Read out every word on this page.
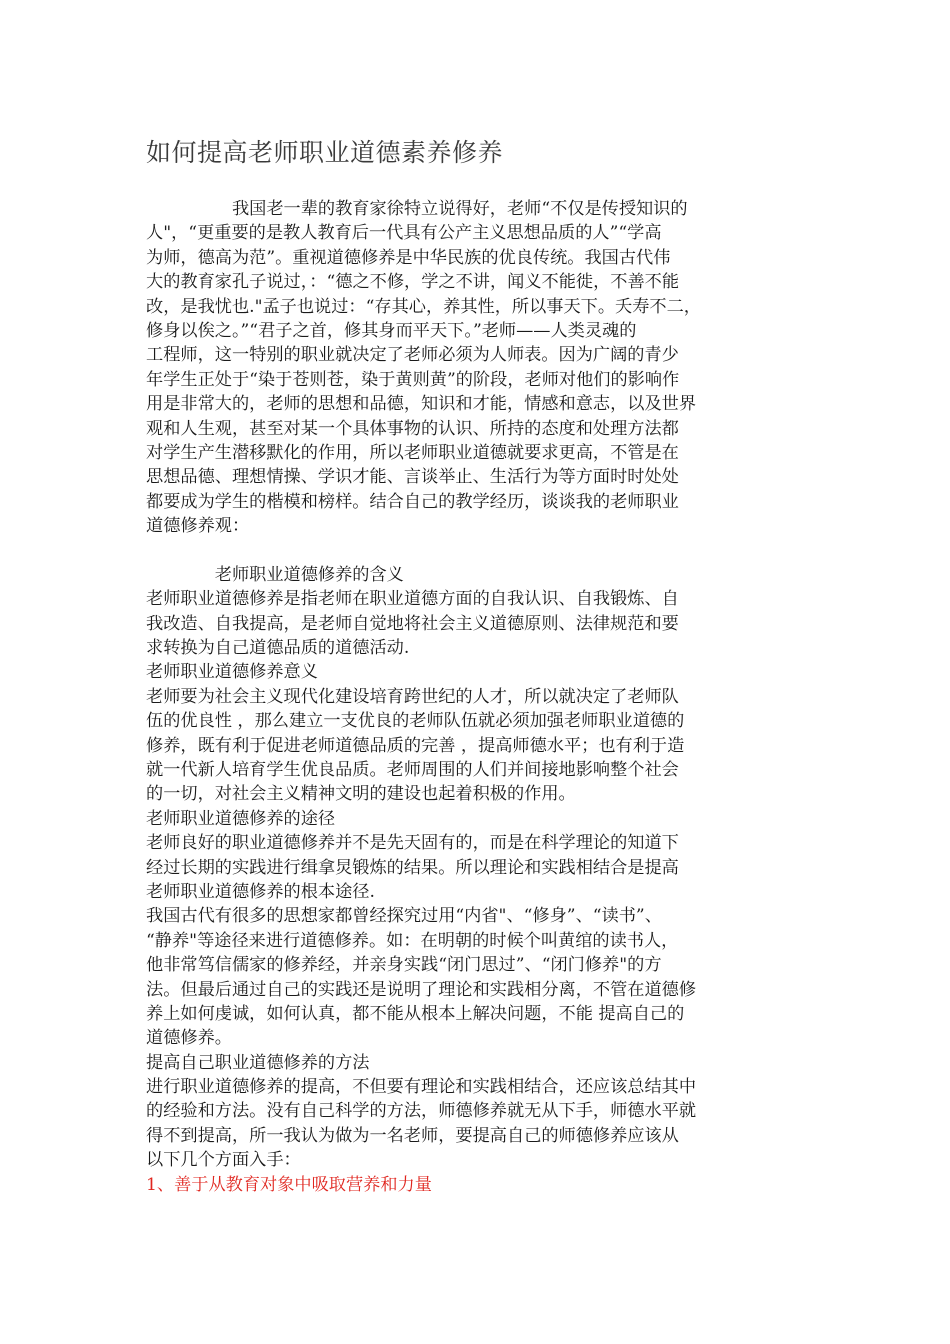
如何提高老师职业道德素养修养
　　　　　我国老一辈的教育家徐特立说得好，老师“不仅是传授知识的
人"，“更重要的是教人教育后一代具有公产主义思想品质的人”“学高
为师，德高为范”。重视道德修养是中华民族的优良传统。我国古代伟
大的教育家孔子说过，：“德之不修，学之不讲，闻义不能徙，不善不能
改，是我忧也."孟子也说过：“存其心，养其性，所以事天下。夭寿不二，
修身以俟之。”“君子之首，修其身而平天下。”老师——人类灵魂的
工程师，这一特别的职业就决定了老师必须为人师表。因为广阔的青少
年学生正处于“染于苍则苍，染于黄则黄”的阶段，老师对他们的影响作
用是非常大的，老师的思想和品德，知识和才能，情感和意志，以及世界
观和人生观，甚至对某一个具体事物的认识、所持的态度和处理方法都
对学生产生潜移默化的作用，所以老师职业道德就要求更高，不管是在
思想品德、理想情操、学识才能、言谈举止、生活行为等方面时时处处
都要成为学生的楷模和榜样。结合自己的教学经历，谈谈我的老师职业
道德修养观：
　　　　老师职业道德修养的含义
老师职业道德修养是指老师在职业道德方面的自我认识、自我锻炼、自
我改造、自我提高，是老师自觉地将社会主义道德原则、法律规范和要
求转换为自己道德品质的道德活动.
老师职业道德修养意义
老师要为社会主义现代化建设培育跨世纪的人才，所以就决定了老师队
伍的优良性 ，那么建立一支优良的老师队伍就必须加强老师职业道德的
修养，既有利于促进老师道德品质的完善 ，提高师德水平；也有利于造
就一代新人培育学生优良品质。老师周围的人们并间接地影响整个社会
的一切，对社会主义精神文明的建设也起着积极的作用。
老师职业道德修养的途径
老师良好的职业道德修养并不是先天固有的，而是在科学理论的知道下
经过长期的实践进行缉拿炅锻炼的结果。所以理论和实践相结合是提高
老师职业道德修养的根本途径.
我国古代有很多的思想家都曾经探究过用“内省"、“修身”、“读书”、
“静养"等途径来进行道德修养。如：在明朝的时候个叫黄绾的读书人，
他非常笃信儒家的修养经，并亲身实践“闭门思过”、“闭门修养"的方
法。但最后通过自己的实践还是说明了理论和实践相分离，不管在道德修
养上如何虔诚，如何认真，都不能从根本上解决问题，不能 提高自己的
道德修养。
提高自己职业道德修养的方法
进行职业道德修养的提高，不但要有理论和实践相结合，还应该总结其中
的经验和方法。没有自己科学的方法，师德修养就无从下手，师德水平就
得不到提高，所一我认为做为一名老师，要提高自己的师德修养应该从
以下几个方面入手：
1、善于从教育对象中吸取营养和力量
